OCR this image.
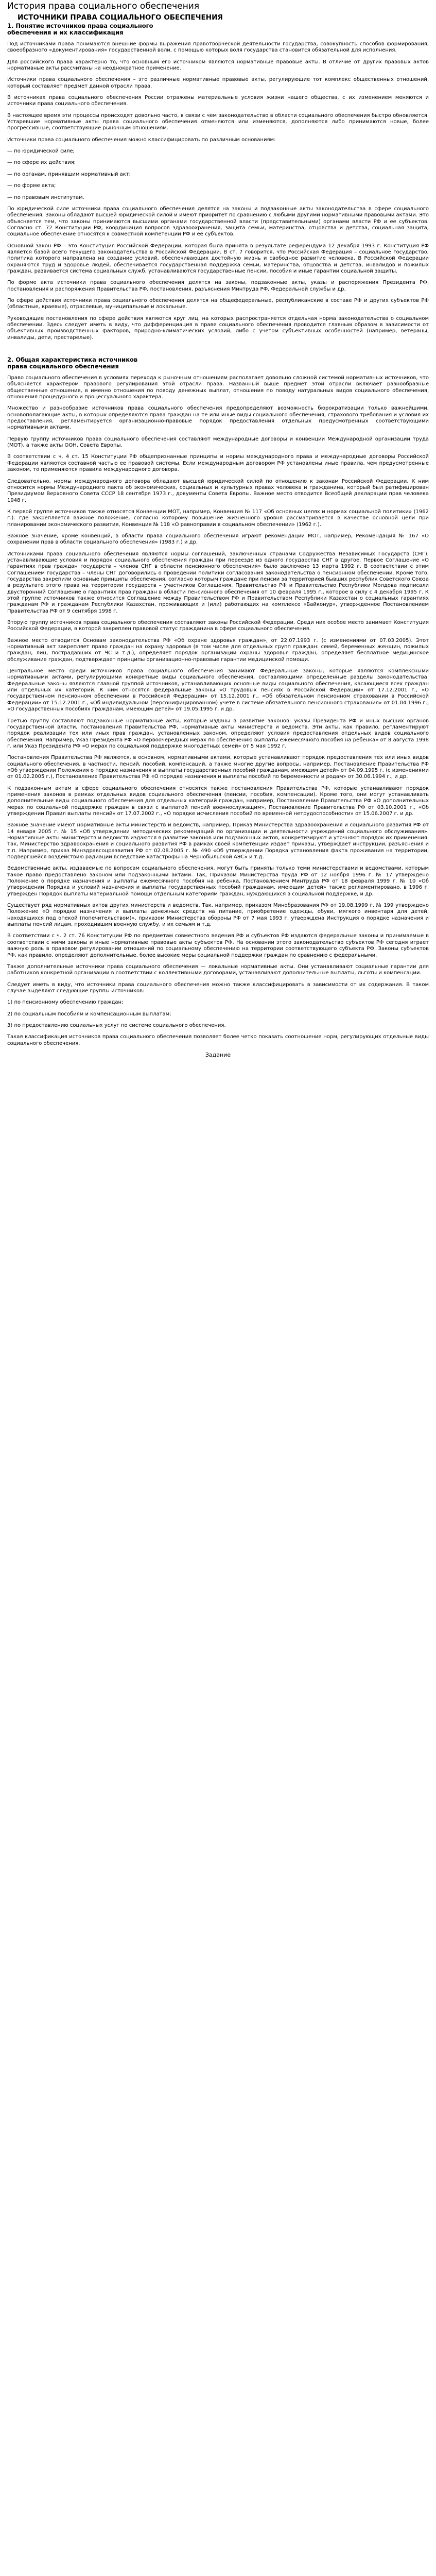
История права социального обеспечения
ИСТОЧНИКИ ПРАВА СОЦИАЛЬНОГО ОБЕСПЕЧЕНИЯ
1. Понятие источников права социального
обеспечения и их классификация
Под источниками права понимаются внешние формы выражения правотворческой деятельности государства, совокупность способов формирования, своеобразного «документирования» государственной воли, с помощью которых воля государства становится обязательной для исполнения.
Для российского права характерно то, что основным его источником являются нормативные правовые акты. В отличие от других правовых актов нормативные акты рассчитаны на неоднократное применение.
Источники права социального обеспечения – это различные нормативные правовые акты, регулирующие тот комплекс общественных отношений, который составляет предмет данной отрасли права.
В источниках права социального обеспечения России отражены материальные условия жизни нашего общества, с их изменением меняются и источники права социального обеспечения.
В настоящее время эти процессы происходят довольно часто, в связи с чем законодательство в области социального обеспечения быстро обновляется. Устаревшие нормативные акты права социального обеспечения отменяются или изменяются, дополняются либо принимаются новые, более прогрессивные, соответствующие рыночным отношениям.
Источники права социального обеспечения можно классифицировать по различным основаниям:
— по юридической силе;
— по сфере их действия;
— по органам, принявшим нормативный акт;
— по форме акта;
— по правовым институтам.
По юридической силе источники права социального обеспечения делятся на законы и подзаконные акты законодательства в сфере социального обеспечения. Законы обладают высшей юридической силой и имеют приоритет по сравнению с любыми другими нормативными правовыми актами. Это объясняется тем, что законы принимаются высшими органами государственной власти (представительными) органами власти РФ и ее субъектов. Согласно ст. 72 Конституции РФ, координация вопросов здравоохранения, защита семьи, материнства, отцовства и детства, социальная защита, социальное обеспечение относятся к совместной компетенции РФ и ее субъектов.
Основной закон РФ – это Конституция Российской Федерации, которая была принята в результате референдума 12 декабря 1993 г. Конституция РФ является базой всего текущего законодательства в Российской Федерации. В ст. 7 говорится, что Российская Федерация – социальное государство, политика которого направлена на создание условий, обеспечивающих достойную жизнь и свободное развитие человека. В Российской Федерации охраняются труд и здоровье людей, обеспечивается государственная поддержка семьи, материнства, отцовства и детства, инвалидов и пожилых граждан, развивается система социальных служб, устанавливаются государственные пенсии, пособия и иные гарантии социальной защиты.
По форме акта источники права социального обеспечения делятся на законы, подзаконные акты, указы и распоряжения Президента РФ, постановления и распоряжения Правительства РФ, постановления, разъяснения Минтруда РФ, Федеральной службы и др.
По сфере действия источники права социального обеспечения делятся на общефедеральные, республиканские в составе РФ и других субъектов РФ (областные, краевые), отраслевые, муниципальные и локальные.
Руководящие постановления по сфере действия являются круг лиц, на которых распространяется отдельная норма законодательства о социальном обеспечении. Здесь следует иметь в виду, что дифференциация в праве социального обеспечения проводится главным образом в зависимости от объективных производственных факторов, природно-климатических условий, либо с учетом субъективных особенностей (например, ветераны, инвалиды, дети, престарелые).
2. Общая характеристика источников
права социального обеспечения
Право социального обеспечения в условиях перехода к рыночным отношениям располагает довольно сложной системой нормативных источников, что объясняется характером правового регулирования этой отрасли права. Названный выше предмет этой отрасли включает разнообразные общественные отношения, в именно отношения по поводу денежных выплат, отношения по поводу натуральных видов социального обеспечения, отношения процедурного и процессуального характера.
Множество и разнообразие источников права социального обеспечения предопределяют возможность бюрократизации только важнейшими, основополагающие акты, в которых определяются права граждан на те или иные виды социального обеспечения, страхового требования и условия их предоставления, регламентируется организационно-правовые порядок предоставления отдельных предусмотренных соответствующими нормативными актами.
Первую группу источников права социального обеспечения составляют международные договоры и конвенции Международной организации труда (МОТ), а также акты ООН, Совета Европы.
В соответствии с ч. 4 ст. 15 Конституции РФ общепризнанные принципы и нормы международного права и международные договоры Российской Федерации являются составной частью ее правовой системы. Если международным договором РФ установлены иные правила, чем предусмотренные законом, то применяются правила международного договора.
Следовательно, нормы международного договора обладают высшей юридической силой по отношению к законам Российской Федерации. К ним относится нормы Международного пакта об экономических, социальных и культурных правах человека и гражданина, который был ратифицирован Президиумом Верховного Совета СССР 18 сентября 1973 г., документы Совета Европы. Важное место отводится Всеобщей декларации прав человека 1948 г.
К первой группе источников также относятся Конвенции МОТ, например, Конвенция № 117 «Об основных целях и нормах социальной политики» (1962 г.). где закрепляется важное положение, согласно которому повышение жизненного уровня рассматривается в качестве основной цели при планировании экономического развития, Конвенция № 118 «О равноправии в социальном обеспечении» (1962 г.).
Важное значение, кроме конвенций, в области права социального обеспечения играют рекомендации МОТ, например, Рекомендация № 167 «О сохранении прав в области социального обеспечения» (1983 г.) и др.
Источниками права социального обеспечения являются нормы соглашений, заключенных странами Содружества Независимых Государств (СНГ), устанавливающие условия и порядок социального обеспечения граждан при переезде из одного государства СНГ в другое. Первое Соглашение «О гарантиях прав граждан государств – членов СНГ в области пенсионного обеспечения» было заключено 13 марта 1992 г. В соответствии с этим Соглашением государства – члены СНГ договорились о проведении политики согласования законодательства о пенсионном обеспечении. Кроме того, государства закрепили основные принципы обеспечения, согласно которым граждане при пенсии за территорией бывших республик Советского Союза в результате этого права на территории государств – участников Соглашения. Правительство РФ и Правительство Республики Молдова подписали двусторонний Соглашение о гарантиях прав граждан в области пенсионного обеспечения от 10 февраля 1995 г., которое в силу с 4 декабря 1995 г. К этой группе источников также относится Соглашение между Правительством РФ и Правительством Республики Казахстан о социальных гарантиях гражданам РФ и гражданам Республики Казахстан, проживающих и (или) работающих на комплексе «Байконур», утвержденное Постановлением Правительства РФ от 9 сентября 1998 г.
Вторую группу источников права социального обеспечения составляют законы Российской Федерации. Среди них особое место занимает Конституция Российской Федерации, в которой закреплен правовой статус гражданина в сфере социального обеспечения.
Важное место отводится Основам законодательства РФ «Об охране здоровья граждан», от 22.07.1993 г. (с изменениями от 07.03.2005). Этот нормативный акт закрепляет право граждан на охрану здоровья (в том числе для отдельных групп граждан: семей, беременных женщин, пожилых граждан, лиц, пострадавших от ЧС и т.д.), определяет порядок организации охраны здоровья граждан, определяет бесплатное медицинское обслуживание граждан, подтверждает принципы организационно-правовые гарантии медицинской помощи.
Центральное место среди источников права социального обеспечения занимают Федеральные законы, которые являются комплексными нормативными актами, регулирующими конкретные виды социального обеспечения, составляющими определенные разделы законодательства. Федеральные законы являются главной группой источников, устанавливающих основные виды социального обеспечения, касающиеся всех граждан или отдельных их категорий. К ним относятся федеральные законы «О трудовых пенсиях в Российской Федерации» от 17.12.2001 г., «О государственном пенсионном обеспечении в Российской Федерации» от 15.12.2001 г., «Об обязательном пенсионном страховании в Российской Федерации» от 15.12.2001 г., «Об индивидуальном (персонифицированном) учете в системе обязательного пенсионного страхования» от 01.04.1996 г., «О государственных пособиях гражданам, имеющим детей» от 19.05.1995 г. и др.
Третью группу составляют подзаконные нормативные акты, которые изданы в развитие законов: указы Президента РФ и иных высших органов государственной власти, постановления Правительства РФ, нормативные акты министерств и ведомств. Эти акты, как правило, регламентируют порядок реализации тех или иных прав граждан, установленных законом, определяют условия предоставления отдельных видов социального обеспечения. Например, Указ Президента РФ «О первоочередных мерах по обеспечению выплаты ежемесячного пособия на ребенка» от 8 августа 1998 г. или Указ Президента РФ «О мерах по социальной поддержке многодетных семей» от 5 мая 1992 г.
Постановления Правительства РФ являются, в основном, нормативными актами, которые устанавливают порядок предоставления тех или иных видов социального обеспечения, в частности, пенсий, пособий, компенсаций, а также многие другие вопросы, например, Постановление Правительства РФ «Об утверждении Положения о порядке назначения и выплаты государственных пособий гражданам, имеющим детей» от 04.09.1995 г. (с изменениями от 01.02.2005 г.), Постановление Правительства РФ «О порядке назначения и выплаты пособий по беременности и родам» от 30.06.1994 г., и др.
К подзаконным актам в сфере социального обеспечения относятся также постановления Правительства РФ, которые устанавливают порядок применения законов в рамках отдельных видов социального обеспечения (пенсии, пособия, компенсации). Кроме того, они могут устанавливать дополнительные виды социального обеспечения для отдельных категорий граждан, например, Постановление Правительства РФ «О дополнительных мерах по социальной поддержке граждан в связи с выплатой пенсий военнослужащим», Постановление Правительства РФ от 03.10.2001 г., «Об утверждении Правил выплаты пенсий» от 17.07.2002 г., «О порядке исчисления пособий по временной нетрудоспособности» от 15.06.2007 г. и др.
Важное значение имеют нормативные акты министерств и ведомств, например, Приказ Министерства здравоохранения и социального развития РФ от 14 января 2005 г. № 15 «Об утверждении методических рекомендаций по организации и деятельности учреждений социального обслуживания». Нормативные акты министерств и ведомств издаются в развитие законов или подзаконных актов, конкретизируют и уточняют порядок их применения. Так, Министерство здравоохранения и социального развития РФ в рамках своей компетенции издает приказы, утверждает инструкции, разъяснения и т.п. Например, приказ Минздравсоцразвития РФ от 02.08.2005 г. № 490 «Об утверждении Порядка установления факта проживания на территории, подвергшейся воздействию радиации вследствие катастрофы на Чернобыльской АЭС» и т.д.
Ведомственные акты, издаваемые по вопросам социального обеспечения, могут быть приняты только теми министерствами и ведомствами, которым такое право предоставлено законом или подзаконными актами. Так, Приказом Министерства труда РФ от 12 ноября 1996 г. № 17 утверждено Положение о порядке назначения и выплаты ежемесячного пособия на ребенка, Постановлением Минтруда РФ от 18 февраля 1999 г. № 10 «Об утверждении Порядка и условий назначения и выплаты государственных пособий гражданам, имеющим детей» также регламентировано, в 1996 г. утвержден Порядок выплаты материальной помощи отдельным категориям граждан, нуждающихся в социальной поддержке, и др.
Существует ряд нормативных актов других министерств и ведомств. Так, например, приказом Минобразования РФ от 19.08.1999 г. № 199 утверждено Положение «О порядке назначения и выплаты денежных средств на питание, приобретение одежды, обуви, мягкого инвентаря для детей, находящихся под опекой (попечительством)», приказом Министерства обороны РФ от 7 мая 1993 г. утверждена Инструкция о порядке назначения и выплаты пенсий лицам, проходившим военную службу, и их семьям и т.д.
В соответствии с ч. 2 ст. 76 Конституции РФ по предметам совместного ведения РФ и субъектов РФ издаются федеральные законы и принимаемые в соответствии с ними законы и иные нормативные правовые акты субъектов РФ. На основании этого законодательство субъектов РФ сегодня играет важную роль в правовом регулировании отношений по социальному обеспечению на территории соответствующего субъекта РФ. Законы субъектов РФ, как правило, определяют дополнительные, более высокие меры социальной поддержки граждан по сравнению с федеральными.
Также дополнительные источники права социального обеспечения — локальные нормативные акты. Они устанавливают социальные гарантии для работников конкретной организации в соответствии с коллективными договорами, устанавливают дополнительные выплаты, льготы и компенсации.
Следует иметь в виду, что источники права социального обеспечения можно также классифицировать в зависимости от их содержания. В таком случае выделяют следующие группы источников:
1) по пенсионному обеспечению граждан;
2) по социальным пособиям и компенсационным выплатам;
3) по предоставлению социальных услуг по системе социального обеспечения.
Такая классификация источников права социального обеспечения позволяет более четко показать соотношение норм, регулирующих отдельные виды социального обеспечения.
Задание
